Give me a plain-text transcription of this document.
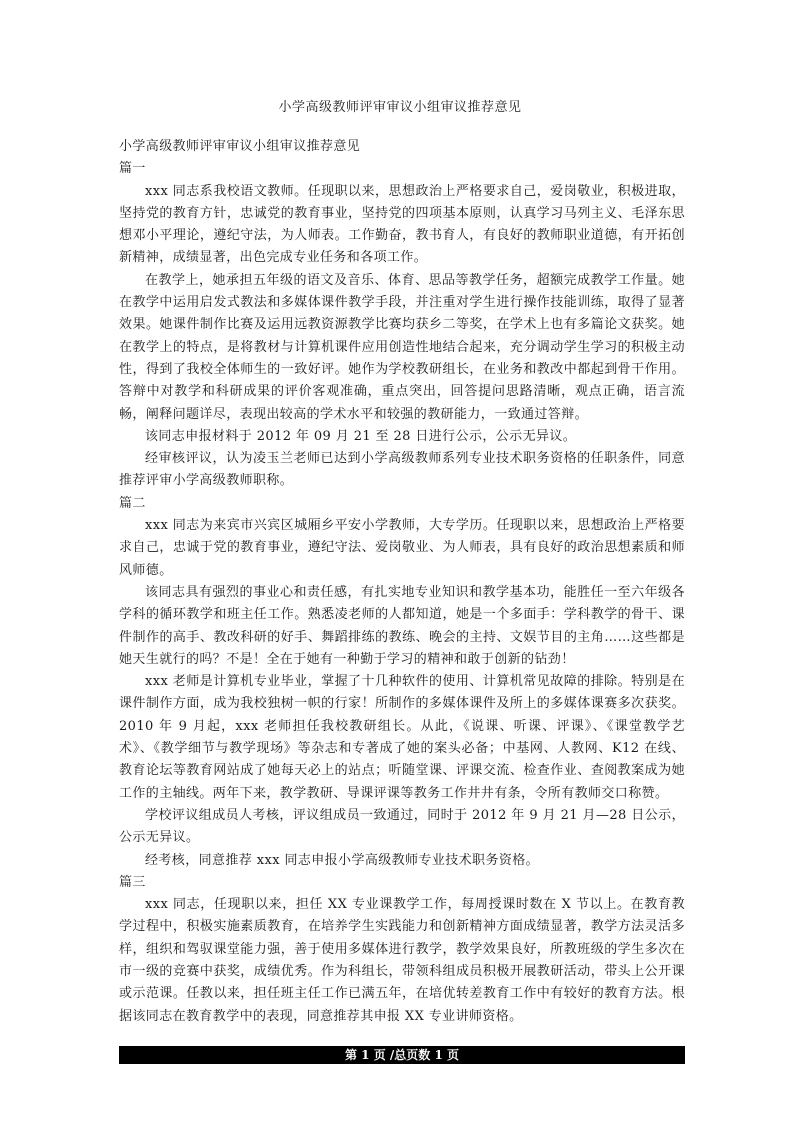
小学高级教师评审审议小组审议推荐意见
小学高级教师评审审议小组审议推荐意见
篇一

xxx 同志系我校语文教师。任现职以来，思想政治上严格要求自己，爱岗敬业，积极进取，坚持党的教育方针，忠诚党的教育事业，坚持党的四项基本原则，认真学习马列主义、毛泽东思想邓小平理论，遵纪守法，为人师表。工作勤奋，教书育人，有良好的教师职业道德，有开拓创新精神，成绩显著，出色完成专业任务和各项工作。

在教学上，她承担五年级的语文及音乐、体育、思品等教学任务，超额完成教学工作量。她在教学中运用启发式教法和多媒体课件教学手段，并注重对学生进行操作技能训练，取得了显著效果。她课件制作比赛及运用远教资源教学比赛均获乡二等奖，在学术上也有多篇论文获奖。她在教学上的特点，是将教材与计算机课件应用创造性地结合起来，充分调动学生学习的积极主动性，得到了我校全体师生的一致好评。她作为学校教研组长，在业务和教改中都起到骨干作用。答辩中对教学和科研成果的评价客观准确，重点突出，回答提问思路清晰，观点正确，语言流畅，阐释问题详尽，表现出较高的学术水平和较强的教研能力，一致通过答辩。

该同志申报材料于 2012 年 09 月 21 至 28 日进行公示，公示无异议。

经审核评议，认为凌玉兰老师已达到小学高级教师系列专业技术职务资格的任职条件，同意推荐评审小学高级教师职称。

篇二

xxx 同志为来宾市兴宾区城厢乡平安小学教师，大专学历。任现职以来，思想政治上严格要求自己，忠诚于党的教育事业，遵纪守法、爱岗敬业、为人师表，具有良好的政治思想素质和师风师德。

该同志具有强烈的事业心和责任感，有扎实地专业知识和教学基本功，能胜任一至六年级各学科的循环教学和班主任工作。熟悉凌老师的人都知道，她是一个多面手：学科教学的骨干、课件制作的高手、教改科研的好手、舞蹈排练的教练、晚会的主持、文娱节目的主角……这些都是她天生就行的吗？不是！全在于她有一种勤于学习的精神和敢于创新的钻劲！

xxx 老师是计算机专业毕业，掌握了十几种软件的使用、计算机常见故障的排除。特别是在课件制作方面，成为我校独树一帜的行家！所制作的多媒体课件及所上的多媒体课赛多次获奖。2010 年 9 月起，xxx 老师担任我校教研组长。从此，《说课、听课、评课》、《课堂教学艺术》、《教学细节与教学现场》等杂志和专著成了她的案头必备；中基网、人教网、K12 在线、教育论坛等教育网站成了她每天必上的站点；听随堂课、评课交流、检查作业、查阅教案成为她工作的主轴线。两年下来，教学教研、导课评课等教务工作井井有条，令所有教师交口称赞。

学校评议组成员人考核，评议组成员一致通过，同时于 2012 年 9 月 21 月—28 日公示，公示无异议。

经考核，同意推荐 xxx 同志申报小学高级教师专业技术职务资格。

篇三

xxx 同志，任现职以来，担任 XX 专业课教学工作，每周授课时数在 X 节以上。在教育教学过程中，积极实施素质教育，在培养学生实践能力和创新精神方面成绩显著，教学方法灵活多样，组织和驾驭课堂能力强，善于使用多媒体进行教学，教学效果良好，所教班级的学生多次在市一级的竞赛中获奖，成绩优秀。作为科组长，带领科组成员积极开展教研活动，带头上公开课或示范课。任教以来，担任班主任工作已满五年，在培优转差教育工作中有较好的教育方法。根据该同志在教育教学中的表现，同意推荐其申报 XX 专业讲师资格。

第 1 页 /总页数 1 页
